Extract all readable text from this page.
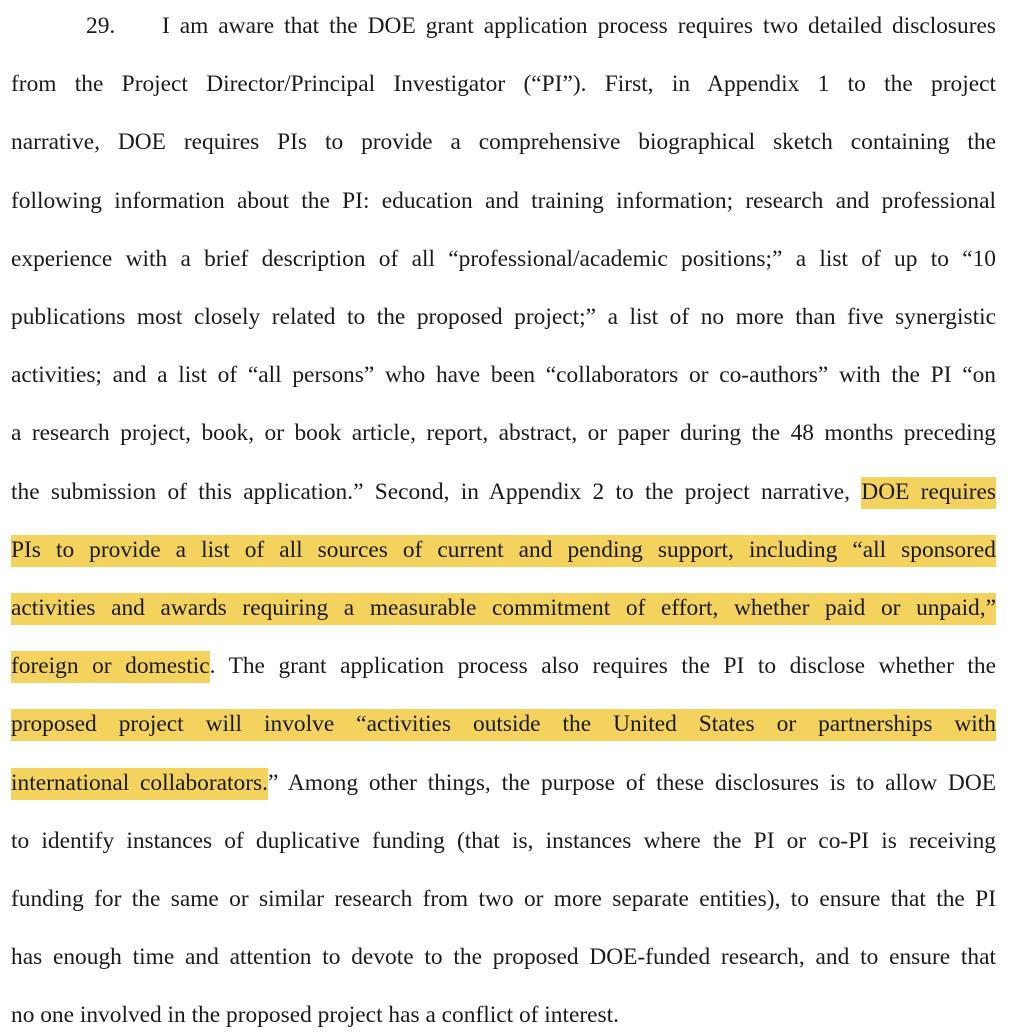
I am aware that the DOE grant application process requires two detailed disclosures
from the Project Director/Principal Investigator (“PI”). First, in Appendix 1 to the project
narrative, DOE requires PIs to provide a comprehensive biographical sketch containing the
following information about the PI: education and training information; research and professional
experience with a brief description of all “professional/academic positions;” a list of up to “10
publications most closely related to the proposed project;” a list of no more than five synergistic
activities; and a list of “all persons” who have been “collaborators or co-authors” with the PI “on
a research project, book, or book article, report, abstract, or paper during the 48 months preceding
the submission of this application.” Second, in Appendix 2 to the project narrative, DOE requires
PIs to provide a list of all sources of current and pending support, including “all sponsored
activities and awards requiring a measurable commitment of effort, whether paid or unpaid,”
foreign or domestic. The grant application process also requires the PI to disclose whether the
proposed project will involve “activities outside the United States or partnerships with
international collaborators.” Among other things, the purpose of these disclosures is to allow DOE
to identify instances of duplicative funding (that is, instances where the PI or co-PI is receiving
funding for the same or similar research from two or more separate entities), to ensure that the PI
has enough time and attention to devote to the proposed DOE-funded research, and to ensure that
no one involved in the proposed project has a conflict of interest.
29.
